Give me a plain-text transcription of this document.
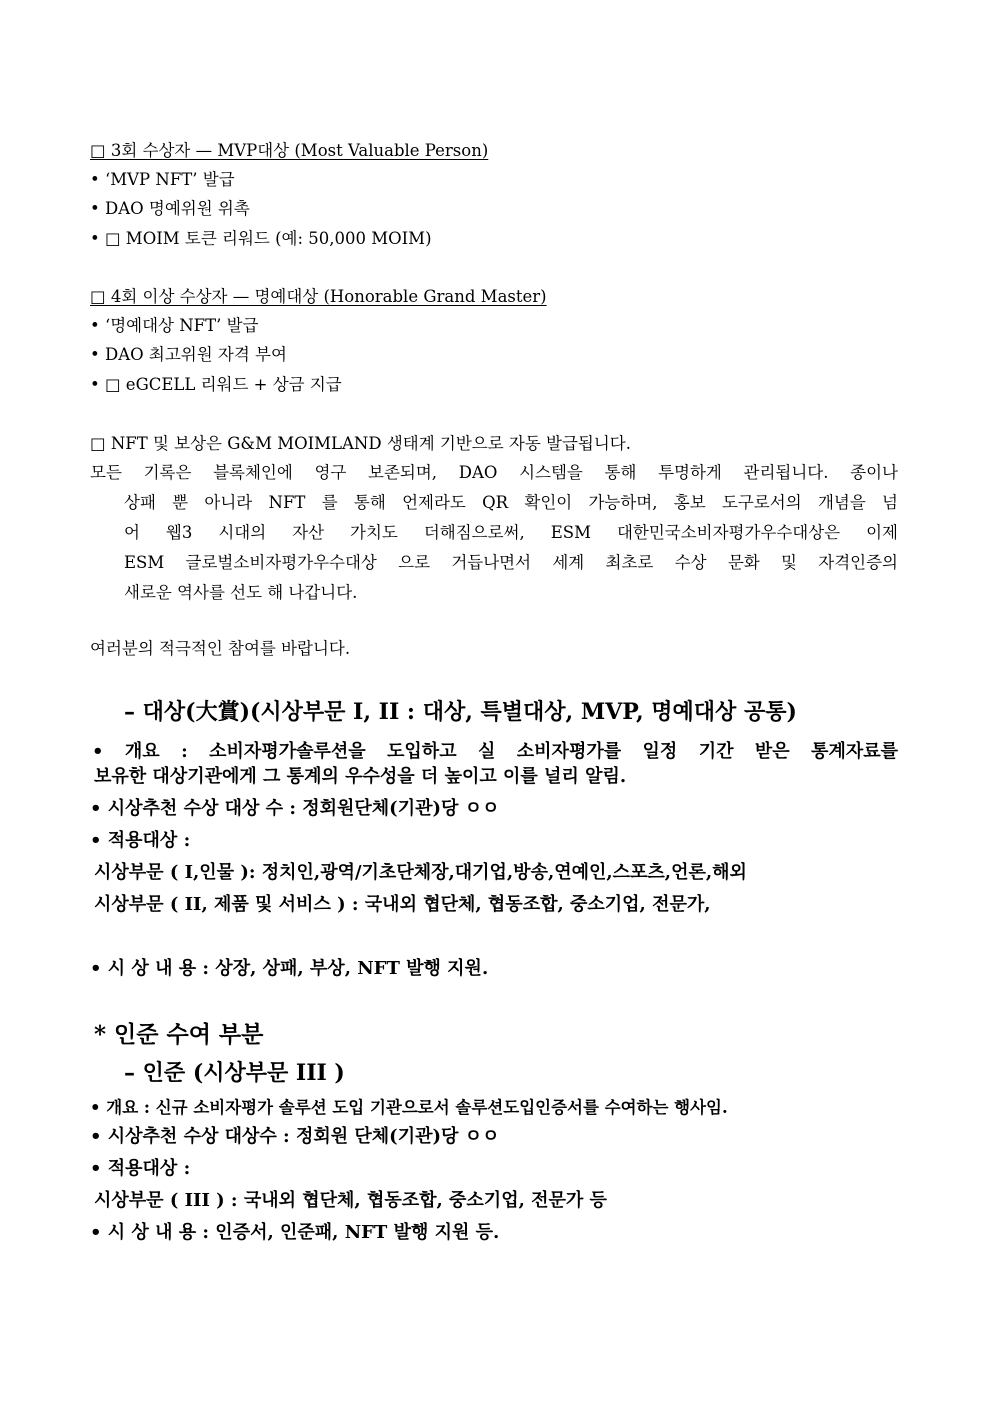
□ 3회 수상자 — MVP대상 (Most Valuable Person)
• ‘MVP NFT’ 발급
• DAO 명예위원 위촉
• □ MOIM 토큰 리워드 (예: 50,000 MOIM)
□ 4회 이상 수상자 — 명예대상 (Honorable Grand Master)
• ‘명예대상 NFT’ 발급
• DAO 최고위원 자격 부여
• □ eGCELL 리워드 + 상금 지급
□ NFT 및 보상은 G&M MOIMLAND 생태계 기반으로 자동 발급됩니다.
모든 기록은 블록체인에 영구 보존되며, DAO 시스템을 통해 투명하게 관리됩니다. 종이나
상패 뿐 아니라 NFT 를 통해 언제라도 QR 확인이 가능하며, 홍보 도구로서의 개념을 넘
어 웹3 시대의 자산 가치도 더해짐으로써, ESM 대한민국소비자평가우수대상은 이제
ESM 글로벌소비자평가우수대상 으로 거듭나면서 세계 최초로 수상 문화 및 자격인증의
새로운 역사를 선도 해 나갑니다.
여러분의 적극적인 참여를 바랍니다.
– 대상(大賞)(시상부문 I, II : 대상, 특별대상, MVP, 명예대상 공통)
• 개요 : 소비자평가솔루션을 도입하고 실 소비자평가를 일정 기간 받은 통계자료를
보유한 대상기관에게 그 통계의 우수성을 더 높이고 이를 널리 알림.
• 시상추천 수상 대상 수 : 정회원단체(기관)당 ㅇㅇ
• 적용대상 :
시상부문 ( I,인물 ): 정치인,광역/기초단체장,대기업,방송,연예인,스포츠,언론,해외
시상부문 ( II, 제품 및 서비스 ) : 국내외 협단체, 협동조합, 중소기업, 전문가,
• 시 상 내 용 : 상장, 상패, 부상, NFT 발행 지원.
* 인준 수여 부분
– 인준 (시상부문 III )
• 개요 : 신규 소비자평가 솔루션 도입 기관으로서 솔루션도입인증서를 수여하는 행사임.
• 시상추천 수상 대상수 : 정회원 단체(기관)당 ㅇㅇ
• 적용대상 :
시상부문 ( III ) : 국내외 협단체, 협동조합, 중소기업, 전문가 등
• 시 상 내 용 : 인증서, 인준패, NFT 발행 지원 등.
